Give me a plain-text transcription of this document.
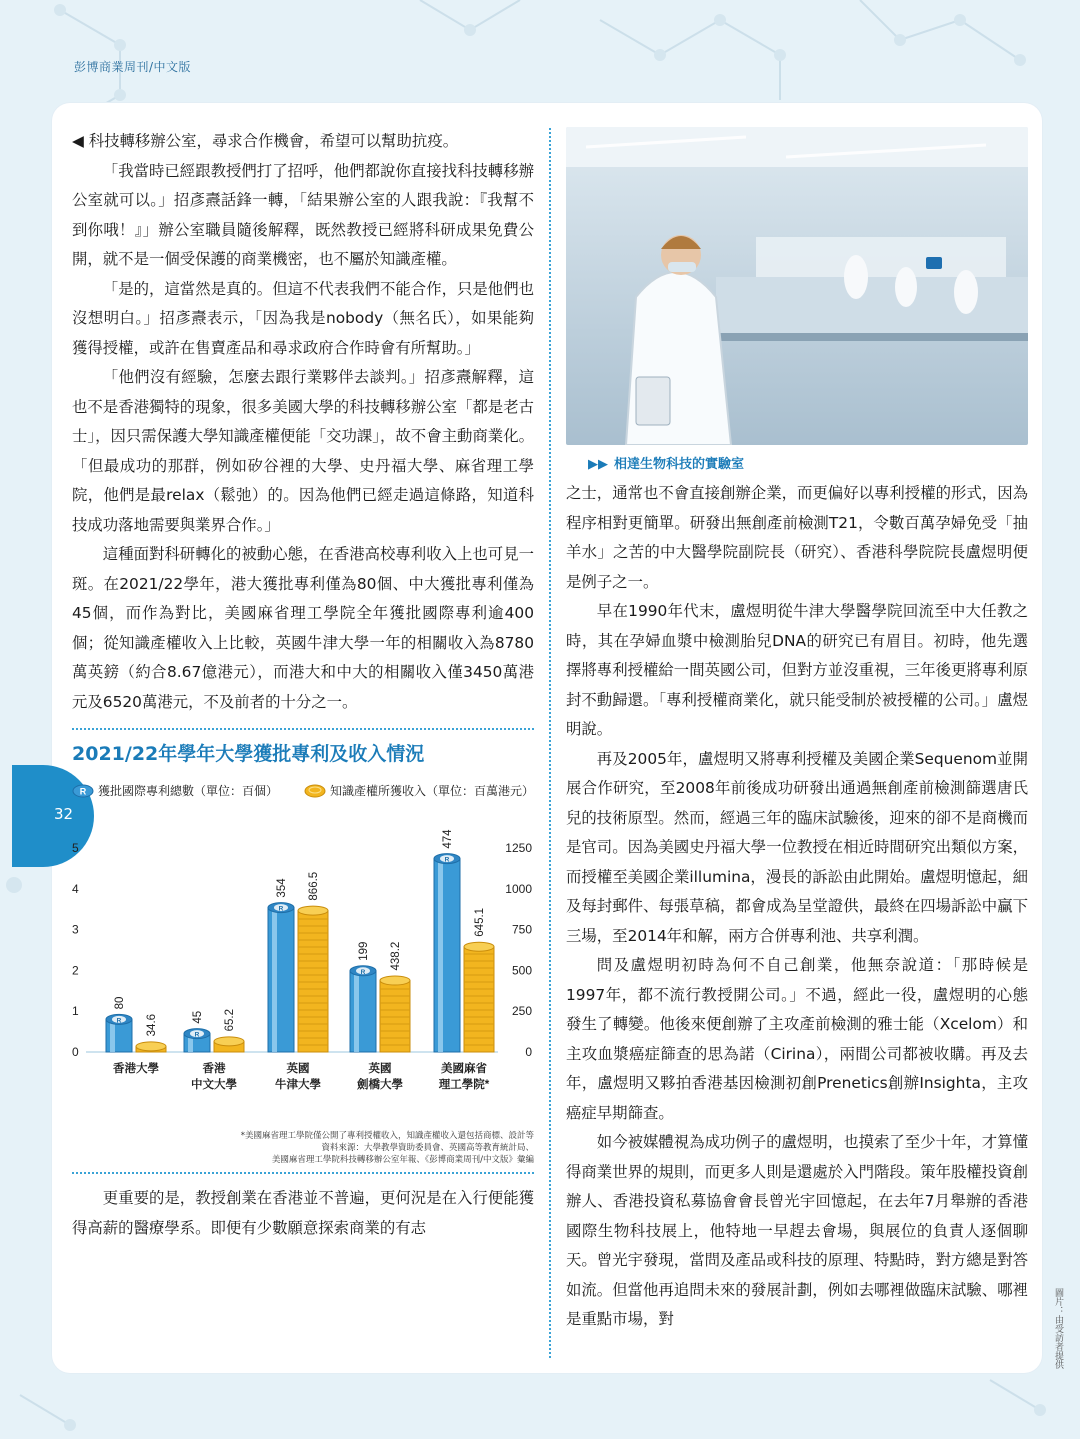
彭博商業周刊/中文版
32

◀ 科技轉移辦公室，尋求合作機會，希望可以幫助抗疫。

「我當時已經跟教授們打了招呼，他們都說你直接找科技轉移辦公室就可以。」招彥燾話鋒一轉，「結果辦公室的人跟我說：『我幫不到你哦！』」辦公室職員隨後解釋，既然教授已經將科研成果免費公開，就不是一個受保護的商業機密，也不屬於知識產權。

「是的，這當然是真的。但這不代表我們不能合作，只是他們也沒想明白。」招彥燾表示，「因為我是nobody（無名氏），如果能夠獲得授權，或許在售賣產品和尋求政府合作時會有所幫助。」

「他們沒有經驗，怎麼去跟行業夥伴去談判。」招彥燾解釋，這也不是香港獨特的現象，很多美國大學的科技轉移辦公室「都是老古士」，因只需保護大學知識產權便能「交功課」，故不會主動商業化。「但最成功的那群，例如矽谷裡的大學、史丹福大學、麻省理工學院，他們是最relax（鬆弛）的。因為他們已經走過這條路，知道科技成功落地需要與業界合作。」

這種面對科研轉化的被動心態，在香港高校專利收入上也可見一斑。在2021/22學年，港大獲批專利僅為80個、中大獲批專利僅為45個，而作為對比，美國麻省理工學院全年獲批國際專利逾400個；從知識產權收入上比較，英國牛津大學一年的相關收入為8780萬英鎊（約合8.67億港元），而港大和中大的相關收入僅3450萬港元及6520萬港元，不及前者的十分之一。

2021/22年學年大學獲批專利及收入情況
R 獲批國際專利總數（單位：百個）	知識產權所獲收入（單位：百萬港元）
0
1
2
3
4
5
0
250
500
750
1000
1250
R
80
34.6
香港大學
R
45 65.2
香港
中文大學
R
354 866.5
英國
牛津大學
R
199 438.2
英國
劍橋大學
R
474
645.1
美國麻省
理工學院*
*美國麻省理工學院僅公開了專利授權收入，知識產權收入還包括商標、設計等
資料來源：大學教學資助委員會、英國高等教育統計局、
美國麻省理工學院科技轉移辦公室年報、《彭博商業周刊/中文版》彙編

更重要的是，教授創業在香港並不普遍，更何況是在入行便能獲得高薪的醫療學系。即便有少數願意探索商業的有志

▶▶ 相達生物科技的實驗室

之士，通常也不會直接創辦企業，而更偏好以專利授權的形式，因為程序相對更簡單。研發出無創產前檢測T21，令數百萬孕婦免受「抽羊水」之苦的中大醫學院副院長（研究）、香港科學院院長盧煜明便是例子之一。

早在1990年代末，盧煜明從牛津大學醫學院回流至中大任教之時，其在孕婦血漿中檢測胎兒DNA的研究已有眉目。初時，他先選擇將專利授權給一間英國公司，但對方並沒重視，三年後更將專利原封不動歸還。「專利授權商業化，就只能受制於被授權的公司。」盧煜明說。

再及2005年，盧煜明又將專利授權及美國企業Sequenom並開展合作研究，至2008年前後成功研發出通過無創產前檢測篩選唐氏兒的技術原型。然而，經過三年的臨床試驗後，迎來的卻不是商機而是官司。因為美國史丹福大學一位教授在相近時間研究出類似方案，而授權至美國企業illumina，漫長的訴訟由此開始。盧煜明憶起，細及每封郵件、每張草稿，都會成為呈堂證供，最終在四場訴訟中贏下三場，至2014年和解，兩方合併專利池、共享利潤。

問及盧煜明初時為何不自己創業，他無奈說道：「那時候是1997年，都不流行教授開公司。」不過，經此一役，盧煜明的心態發生了轉變。他後來便創辦了主攻產前檢測的雅士能（Xcelom）和主攻血漿癌症篩查的思為諾（Cirina），兩間公司都被收購。再及去年，盧煜明又夥拍香港基因檢測初創Prenetics創辦Insighta，主攻癌症早期篩查。

如今被媒體視為成功例子的盧煜明，也摸索了至少十年，才算懂得商業世界的規則，而更多人則是還處於入門階段。策年股權投資創辦人、香港投資私募協會會長曾光宇回憶起，在去年7月舉辦的香港國際生物科技展上，他特地一早趕去會場，與展位的負責人逐個聊天。曾光宇發現，當問及產品或科技的原理、特點時，對方總是對答如流。但當他再追問未來的發展計劃，例如去哪裡做臨床試驗、哪裡是重點市場，對	圖片：由受訪者提供
